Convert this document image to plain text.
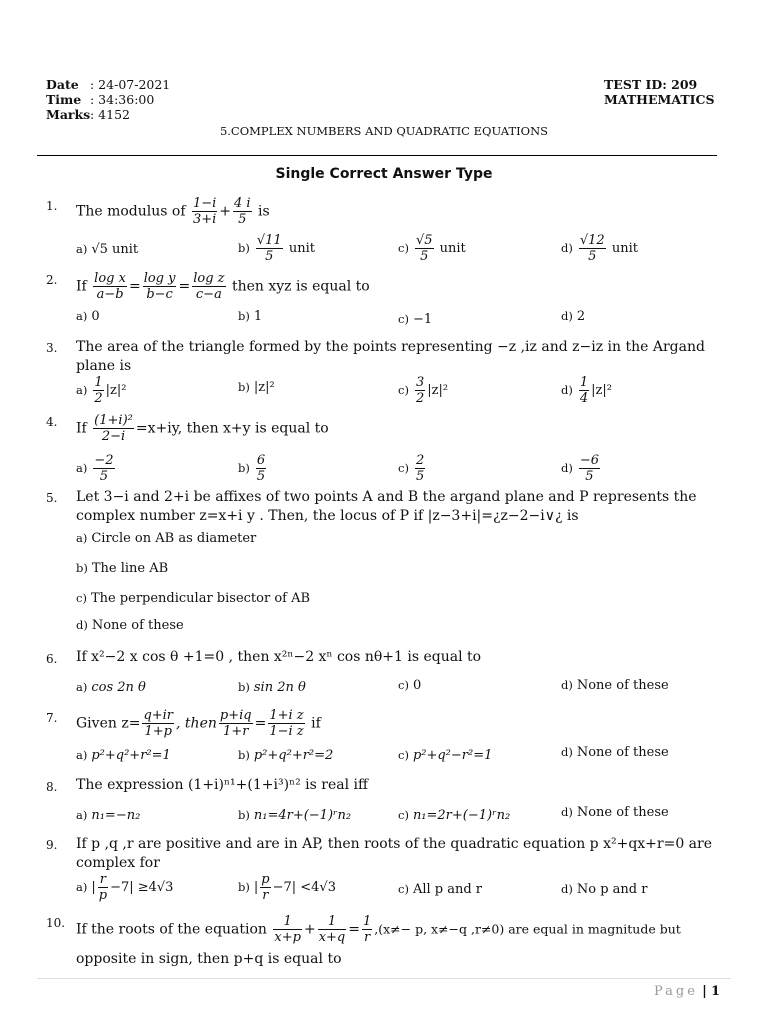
Date : 24-07-2021
Time : 34:36:00
Marks: 4152
TEST ID: 209
MATHEMATICS
5.COMPLEX NUMBERS AND QUADRATIC EQUATIONS
Single Correct Answer Type
1. The modulus of $\frac{1-i}{3+i} + \frac{4 i}{5}$ is
a) √5 unit	$b) \frac{√11}{5}$ unit	$c) \frac{√5}{5}$ unit	$d) \frac{√12}{5}$ unit
2. If $\frac{\text{log x}}{a-b} = \frac{\text{log y}}{b-c} = \frac{\text{log z}}{c-a}$ then xyz is equal to
a) 0	b) 1	c) −1	d) 2
3. The area of the triangle formed by the points representing −z ,iz and z−iz in the Argand plane is
$a) \frac{1}{2} |z|^2$	b) |z|²	$c) \frac{3}{2} |z|^2$	$d) \frac{1}{4} |z|^2$
4. If $\frac{\text{(1+i)²}}{2-i} =x+iy$, then x+y is equal to
$a) \frac{-2}{5}$	$b) \frac{6}{5}$	$c) \frac{2}{5}$	$d) \frac{-6}{5}$
5. Let 3−i and 2+i be affixes of two points A and B the argand plane and P represents the complex number z=x+i y . Then, the locus of P if |z−3+i|=¿z−2−i∨¿ is
a) Circle on AB as diameter
b) The line AB
c) The perpendicular bisector of AB
d) None of these
6. If x²−2 x cos θ +1=0 , then x²ⁿ−2 xⁿ cos nθ+1 is equal to
a) cos 2n θ	b) sin 2n θ	c) 0	d) None of these
7. Given $z= \frac{q+ir}{1+p}$ , then $\frac{p+iq}{1+r} = \frac{\text{1+i z}}{\text{1−i z}}$ if
a) p²+q²+r²=1	b) p²+q²+r²=2	c) p²+q²−r²=1	d) None of these
8. The expression (1+i)ⁿ¹+(1+i³)ⁿ² is real iff
a) n₁=−n₂	b) n₁=4r+(−1)ʳn₂	c) n₁=2r+(−1)ʳn₂	d) None of these
9. If p ,q ,r are positive and are in AP, then roots of the quadratic equation p x²+qx+r=0 are complex for
a) | $\frac{r}{p} -7| \ge 4√3$	b) | $\frac{p}{r} -7| <4√3$	c) All p and r	d) No p and r
10. If the roots of the equation $\frac{1}{x+p} + \frac{1}{x+q} = \frac{1}{r} ,(x\ne- p$, x≠−q ,r≠0) are equal in magnitude but
opposite in sign, then p+q is equal to
Page | 1
